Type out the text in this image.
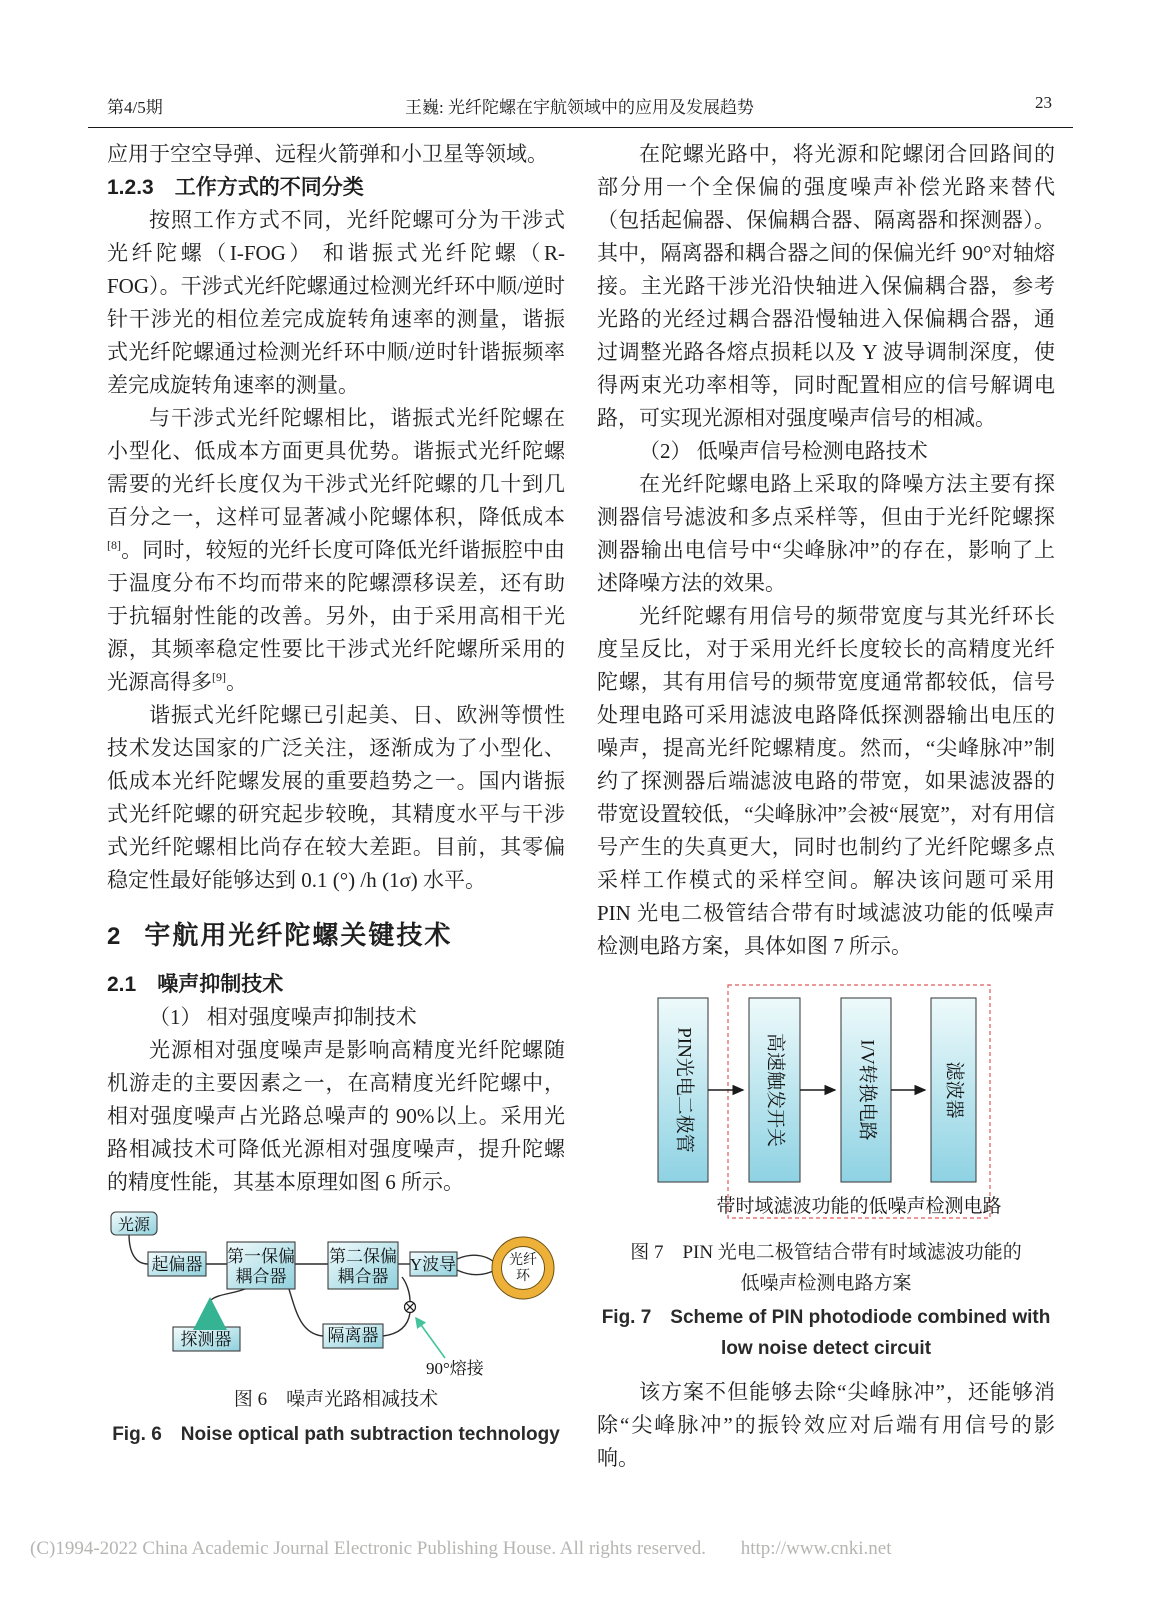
第4/5期	王巍: 光纤陀螺在宇航领域中的应用及发展趋势	23

应用于空空导弹、远程火箭弹和小卫星等领域。

1.2.3　工作方式的不同分类

按照工作方式不同，光纤陀螺可分为干涉式光纤陀螺（I-FOG） 和谐振式光纤陀螺（R-FOG）。干涉式光纤陀螺通过检测光纤环中顺/逆时针干涉光的相位差完成旋转角速率的测量，谐振式光纤陀螺通过检测光纤环中顺/逆时针谐振频率差完成旋转角速率的测量。

与干涉式光纤陀螺相比，谐振式光纤陀螺在小型化、低成本方面更具优势。谐振式光纤陀螺需要的光纤长度仅为干涉式光纤陀螺的几十到几百分之一，这样可显著减小陀螺体积，降低成本[8]。同时，较短的光纤长度可降低光纤谐振腔中由于温度分布不均而带来的陀螺漂移误差，还有助于抗辐射性能的改善。另外，由于采用高相干光源，其频率稳定性要比干涉式光纤陀螺所采用的光源高得多[9]。

谐振式光纤陀螺已引起美、日、欧洲等惯性技术发达国家的广泛关注，逐渐成为了小型化、低成本光纤陀螺发展的重要趋势之一。国内谐振式光纤陀螺的研究起步较晚，其精度水平与干涉式光纤陀螺相比尚存在较大差距。目前，其零偏稳定性最好能够达到 0.1 (°) /h (1σ) 水平。

2 宇航用光纤陀螺关键技术
2.1　噪声抑制技术

（1） 相对强度噪声抑制技术

光源相对强度噪声是影响高精度光纤陀螺随机游走的主要因素之一，在高精度光纤陀螺中，相对强度噪声占光路总噪声的 90%以上。采用光路相减技术可降低光源相对强度噪声，提升陀螺的精度性能，其基本原理如图 6 所示。

光源
起偏器 第一保偏
耦合器
第二保偏
耦合器
Y波导	光纤
环
探测器	隔离器
90°熔接
图 6　噪声光路相减技术
Fig. 6　Noise optical path subtraction technology

在陀螺光路中，将光源和陀螺闭合回路间的部分用一个全保偏的强度噪声补偿光路来替代（包括起偏器、保偏耦合器、隔离器和探测器）。其中，隔离器和耦合器之间的保偏光纤 90°对轴熔接。主光路干涉光沿快轴进入保偏耦合器，参考光路的光经过耦合器沿慢轴进入保偏耦合器，通过调整光路各熔点损耗以及 Y 波导调制深度，使得两束光功率相等，同时配置相应的信号解调电路，可实现光源相对强度噪声信号的相减。

（2） 低噪声信号检测电路技术

在光纤陀螺电路上采取的降噪方法主要有探测器信号滤波和多点采样等，但由于光纤陀螺探测器输出电信号中“尖峰脉冲”的存在，影响了上述降噪方法的效果。

光纤陀螺有用信号的频带宽度与其光纤环长度呈反比，对于采用光纤长度较长的高精度光纤陀螺，其有用信号的频带宽度通常都较低，信号处理电路可采用滤波电路降低探测器输出电压的噪声，提高光纤陀螺精度。然而，“尖峰脉冲”制约了探测器后端滤波电路的带宽，如果滤波器的带宽设置较低，“尖峰脉冲”会被“展宽”，对有用信号产生的失真更大，同时也制约了光纤陀螺多点采样工作模式的采样空间。解决该问题可采用 PIN 光电二极管结合带有时域滤波功能的低噪声检测电路方案，具体如图 7 所示。

PIN光电二极管	高速触发开关	I/V转换电路	滤波器
带时域滤波功能的低噪声检测电路
图 7　PIN 光电二极管结合带有时域滤波功能的
低噪声检测电路方案
Fig. 7　Scheme of PIN photodiode combined with
low noise detect circuit

该方案不但能够去除“尖峰脉冲”，还能够消除“尖峰脉冲”的振铃效应对后端有用信号的影响。

(C)1994-2022 China Academic Journal Electronic Publishing House. All rights reserved. http://www.cnki.net
